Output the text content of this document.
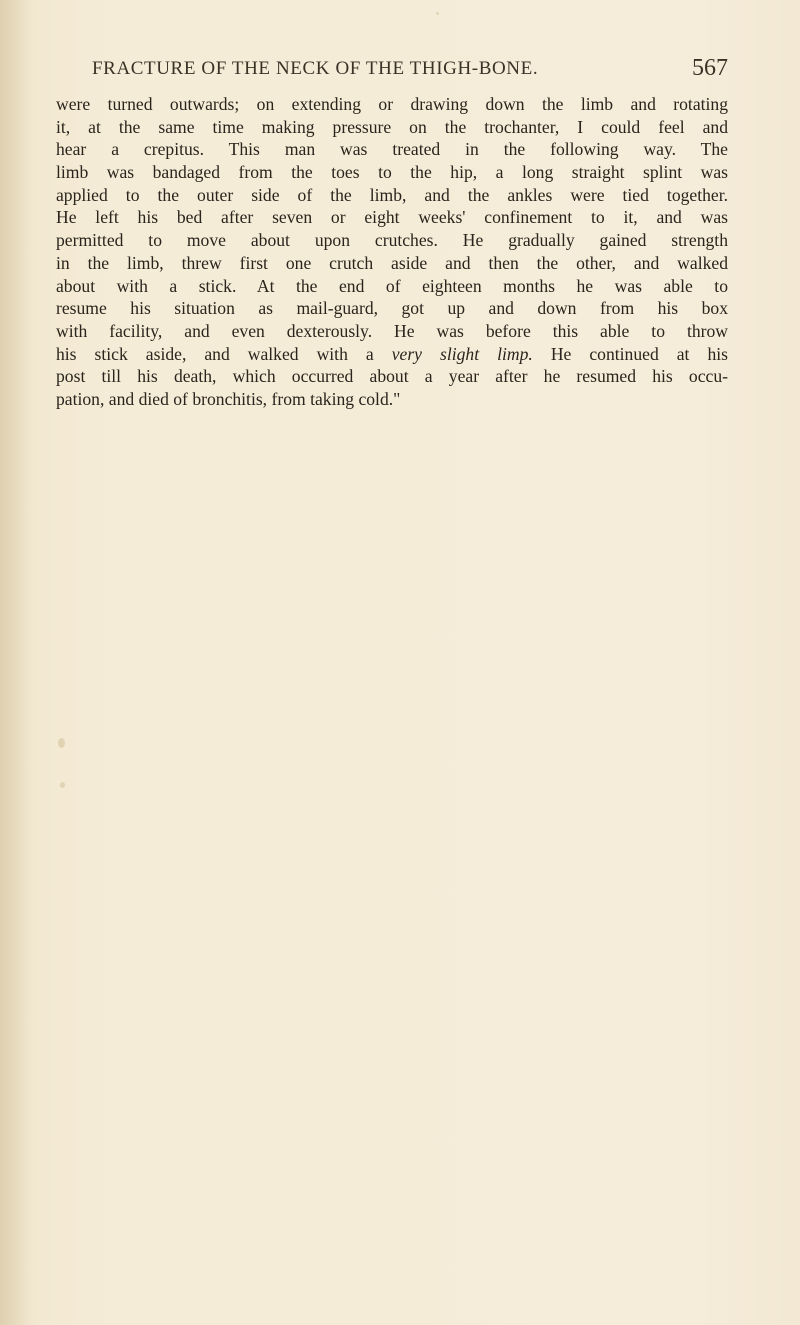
FRACTURE OF THE NECK OF THE THIGH-BONE.	567
were turned outwards; on extending or drawing down the limb and rotating
it, at the same time making pressure on the trochanter, I could feel and
hear a crepitus. This man was treated in the following way. The
limb was bandaged from the toes to the hip, a long straight splint was
applied to the outer side of the limb, and the ankles were tied together.
He left his bed after seven or eight weeks' confinement to it, and was
permitted to move about upon crutches. He gradually gained strength
in the limb, threw first one crutch aside and then the other, and walked
about with a stick. At the end of eighteen months he was able to
resume his situation as mail-guard, got up and down from his box
with facility, and even dexterously. He was before this able to throw
his stick aside, and walked with a very slight limp. He continued at his
post till his death, which occurred about a year after he resumed his occu-
pation, and died of bronchitis, from taking cold."
